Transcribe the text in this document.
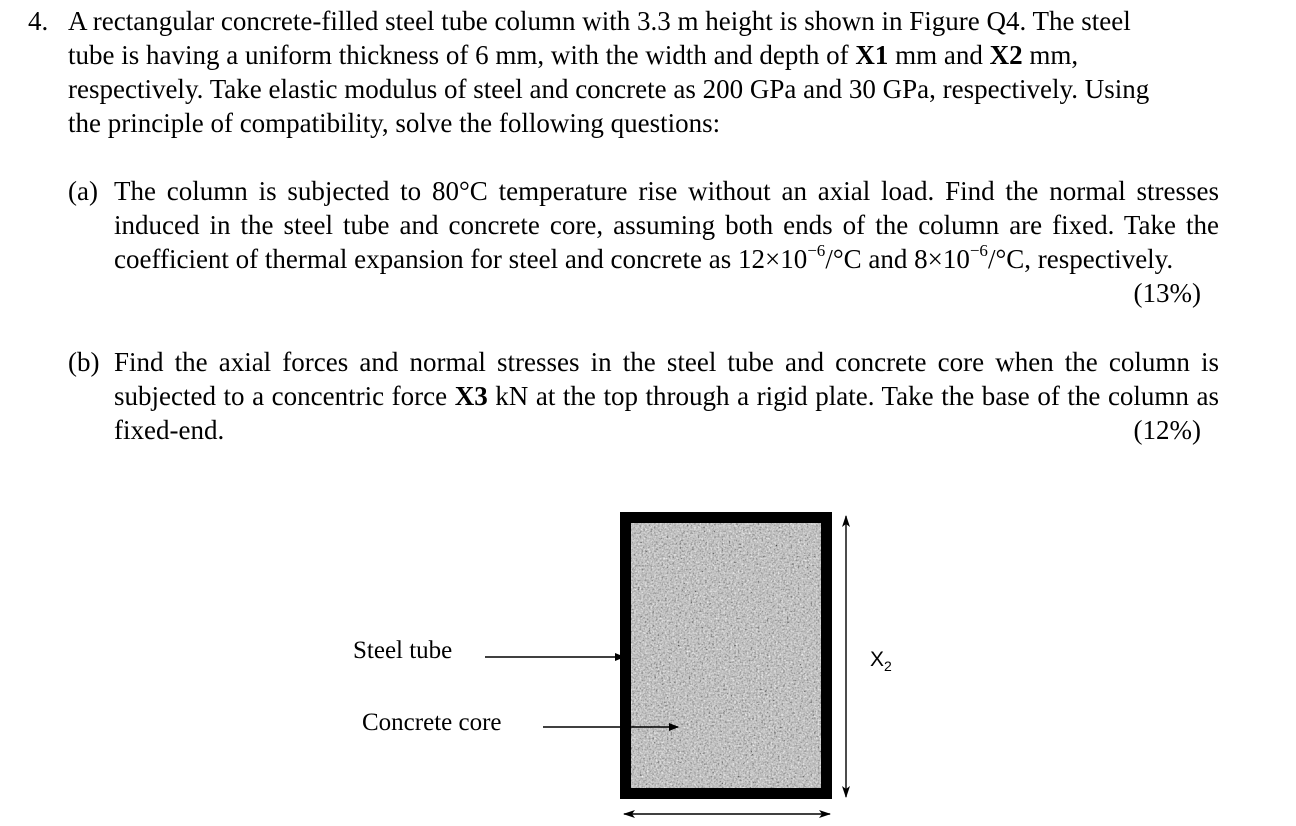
4. A rectangular concrete-filled steel tube column with 3.3 m height is shown in Figure Q4. The steel tube is having a uniform thickness of 6 mm, with the width and depth of X1 mm and X2 mm, respectively. Take elastic modulus of steel and concrete as 200 GPa and 30 GPa, respectively. Using the principle of compatibility, solve the following questions:
(a) The column is subjected to 80°C temperature rise without an axial load. Find the normal stresses induced in the steel tube and concrete core, assuming both ends of the column are fixed. Take the coefficient of thermal expansion for steel and concrete as $12\times 10^{-6}/^\circ C$ and $8\times 10^{-6}/^\circ C$, respectively.
(13%)
(b) Find the axial forces and normal stresses in the steel tube and concrete core when the column is subjected to a concentric force X3 kN at the top through a rigid plate. Take the base of the column as fixed-end.	(12%)
Steel tube
Concrete core
$X_2$
